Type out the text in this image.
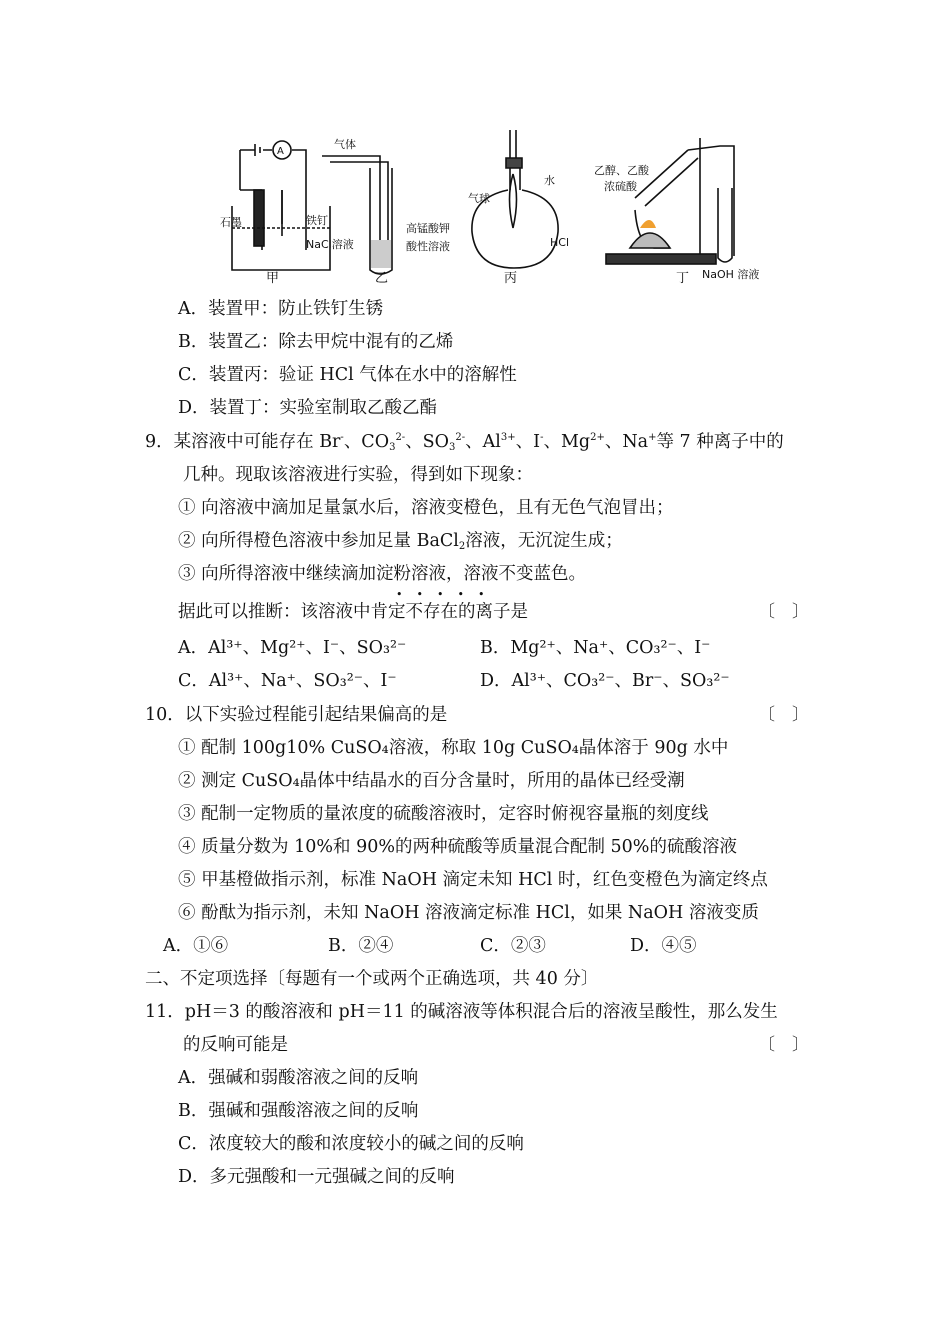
A
石墨	铁钉
NaCl溶液
甲
气体
高锰酸钾
酸性溶液
乙
气球
水
HCl
丙
乙醇、乙酸
浓硫酸
NaOH 溶液
丁
A．装置甲：防止铁钉生锈
B．装置乙：除去甲烷中混有的乙烯
C．装置丙：验证 HCl 气体在水中的溶解性
D．装置丁：实验室制取乙酸乙酯
9．某溶液中可能存在 Br-、$CO_3^{2-}$、$SO_3^{2-}$、$Al^{3+}$、I-、$Mg^{2+}$、Na+等 7 种离子中的
几种。现取该溶液进行实验，得到如下现象：
① 向溶液中滴加足量氯水后，溶液变橙色，且有无色气泡冒出；
② 向所得橙色溶液中参加足量 BaCl$_2$溶液，无沉淀生成；
③ 向所得溶液中继续滴加淀粉溶液，溶液不变蓝色。
•••••
据此可以推断：该溶液中肯定不存在的离子是	〔　〕
A．Al³⁺、Mg²⁺、I⁻、SO₃²⁻	B．Mg²⁺、Na⁺、CO₃²⁻、I⁻
C．Al³⁺、Na⁺、SO₃²⁻、I⁻	D．Al³⁺、CO₃²⁻、Br⁻、SO₃²⁻
10．以下实验过程能引起结果偏高的是	〔　〕
① 配制 100g10% CuSO₄溶液，称取 10g CuSO₄晶体溶于 90g 水中
② 测定 CuSO₄晶体中结晶水的百分含量时，所用的晶体已经受潮
③ 配制一定物质的量浓度的硫酸溶液时，定容时俯视容量瓶的刻度线
④ 质量分数为 10%和 90%的两种硫酸等质量混合配制 50%的硫酸溶液
⑤ 甲基橙做指示剂，标准 NaOH 滴定未知 HCl 时，红色变橙色为滴定终点
⑥ 酚酞为指示剂，未知 NaOH 溶液滴定标准 HCl，如果 NaOH 溶液变质
A．①⑥	B．②④	C．②③	D．④⑤
二、不定项选择〔每题有一个或两个正确选项，共 40 分〕
11．pH＝3 的酸溶液和 pH＝11 的碱溶液等体积混合后的溶液呈酸性，那么发生
的反响可能是	〔　〕
A．强碱和弱酸溶液之间的反响
B．强碱和强酸溶液之间的反响
C．浓度较大的酸和浓度较小的碱之间的反响
D．多元强酸和一元强碱之间的反响
